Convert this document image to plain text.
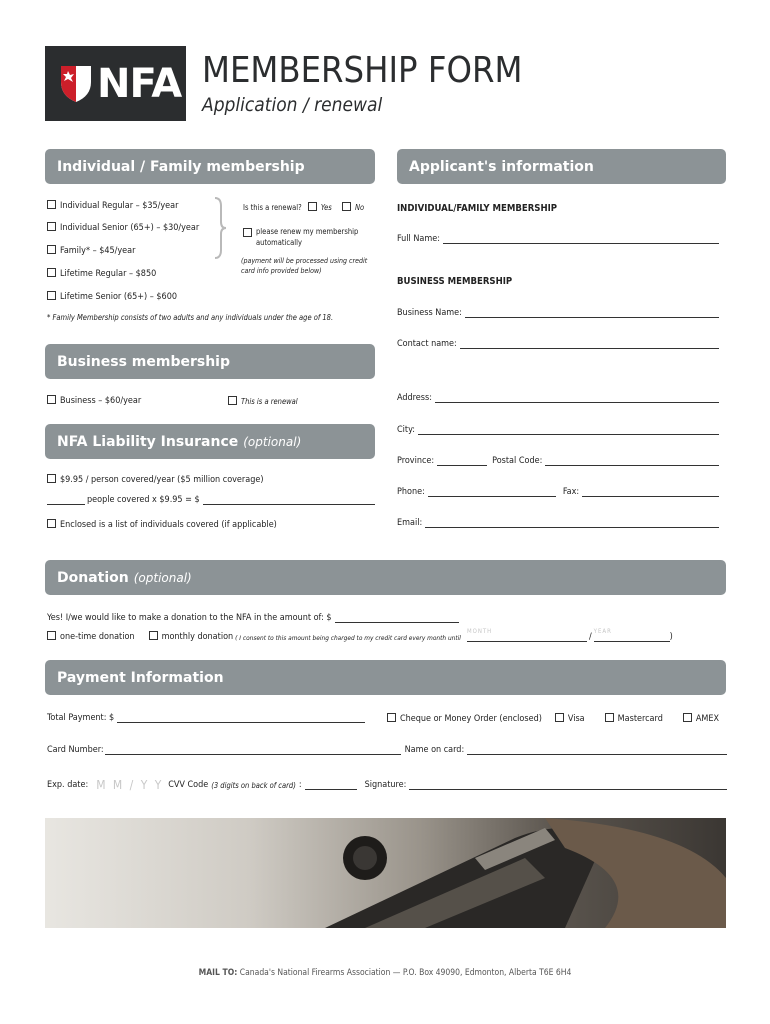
NFA MEMBERSHIP FORM
Application / renewal
Individual / Family membership
Individual Regular – $35/year
Individual Senior (65+) – $30/year
Family* – $45/year
Lifetime Regular – $850
Lifetime Senior (65+) – $600
Is this a renewal?	Yes	No
please renew my membership automatically
(payment will be processed using credit card info provided below)
* Family Membership consists of two adults and any individuals under the age of 18.
Applicant's information
INDIVIDUAL/FAMILY MEMBERSHIP
Full Name:
BUSINESS MEMBERSHIP
Business Name:
Contact name:
Address:
City:
Province:	Postal Code:
Phone:	Fax:
Email:
Business membership
Business – $60/year	This is a renewal
NFA Liability Insurance (optional)
$9.95 / person covered/year ($5 million coverage)
people covered x $9.95 = $
Enclosed is a list of individuals covered (if applicable)
Donation (optional)
Yes! I/we would like to make a donation to the NFA in the amount of: $
one-time donation	monthly donation ( I consent to this amount being charged to my credit card every month until
MONTH
/
YEAR
)
Payment Information
Total Payment: $	Cheque or Money Order (enclosed)	Visa	Mastercard	AMEX
Card Number:	Name on card:
Exp. date: M M / Y Y CVV Code (3 digits on back of card) :	Signature:
MAIL TO: Canada's National Firearms Association — P.O. Box 49090, Edmonton, Alberta T6E 6H4
